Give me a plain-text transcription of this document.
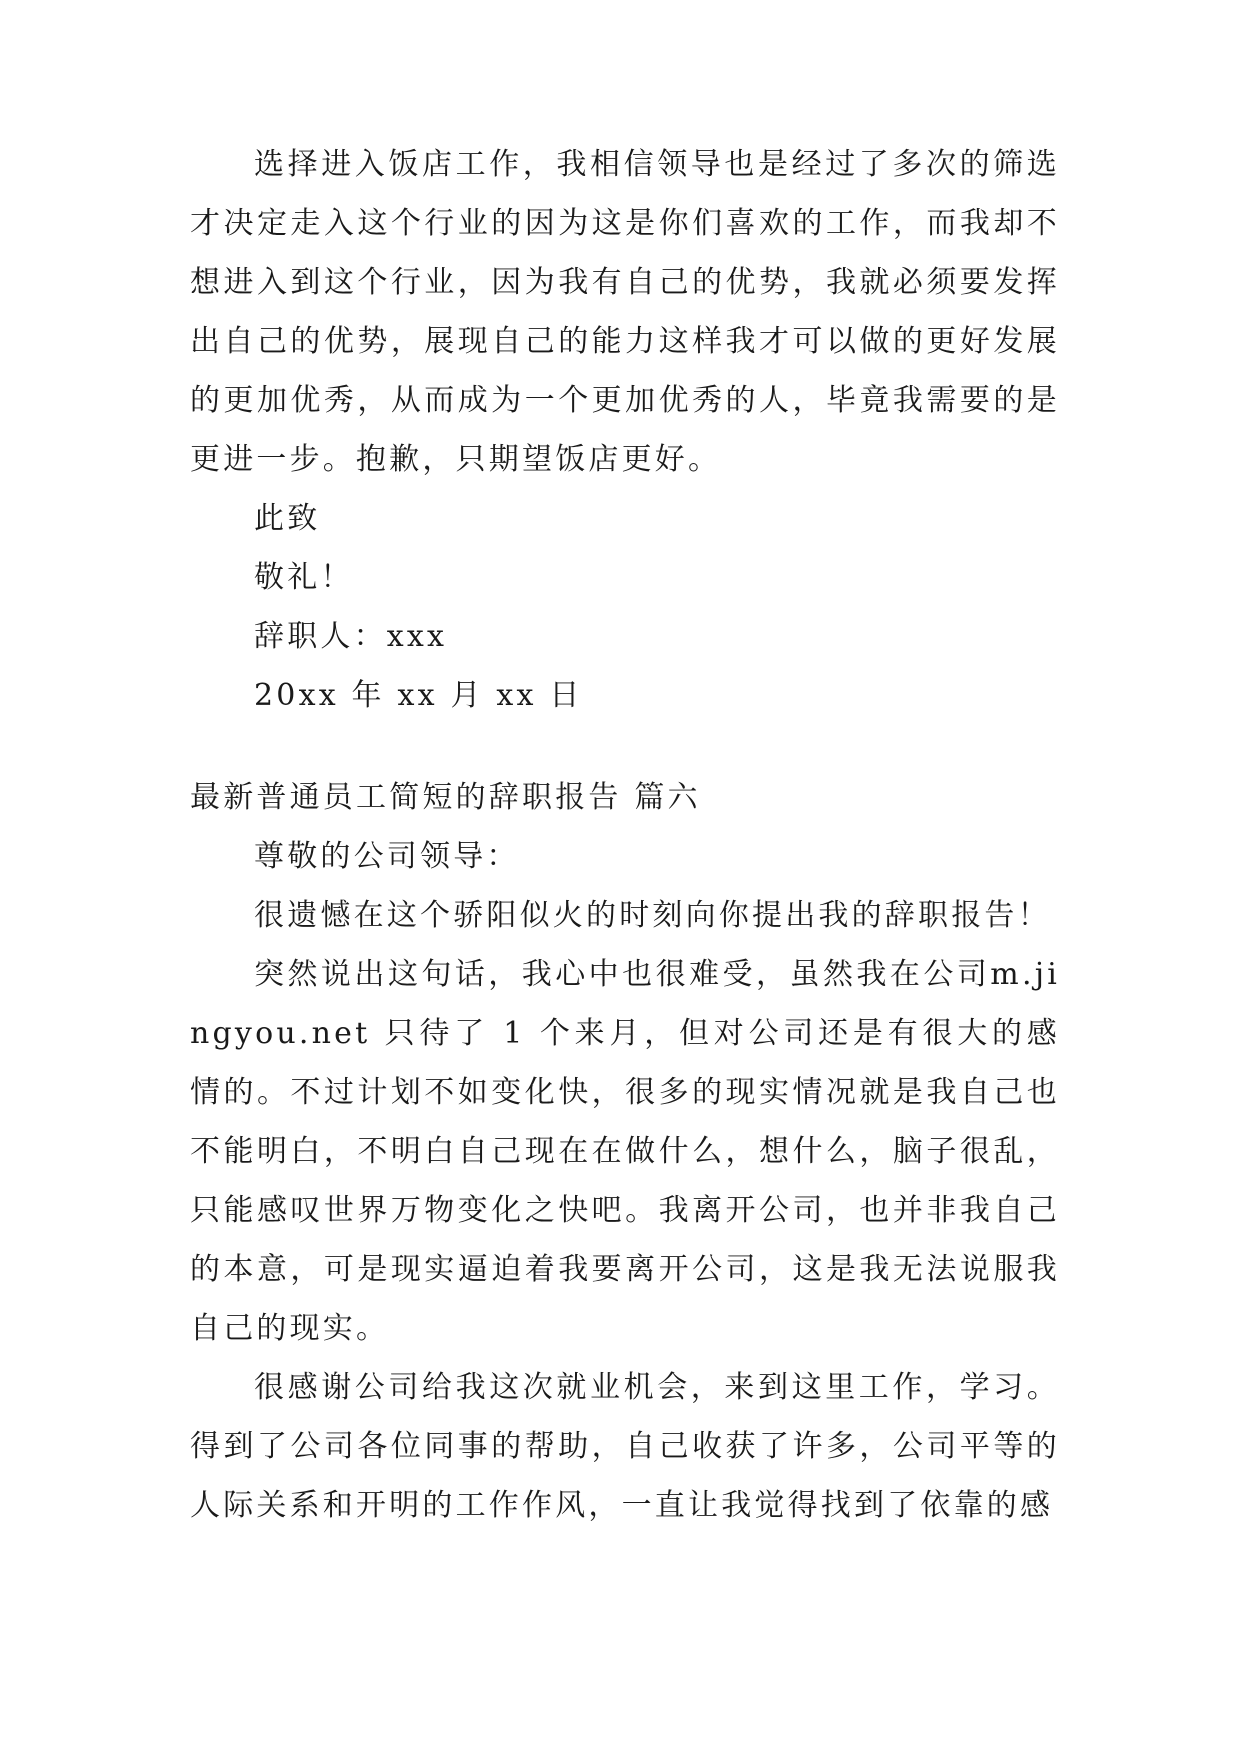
选择进入饭店工作，我相信领导也是经过了多次的筛选才决定走入这个行业的因为这是你们喜欢的工作，而我却不想进入到这个行业，因为我有自己的优势，我就必须要发挥出自己的优势，展现自己的能力这样我才可以做的更好发展的更加优秀，从而成为一个更加优秀的人，毕竟我需要的是更进一步。抱歉，只期望饭店更好。

此致

敬礼！

辞职人：xxx

20xx 年 xx 月 xx 日

最新普通员工简短的辞职报告 篇六

尊敬的公司领导：

很遗憾在这个骄阳似火的时刻向你提出我的辞职报告！

突然说出这句话，我心中也很难受，虽然我在公司m.jingyou.net 只待了 1 个来月，但对公司还是有很大的感情的。不过计划不如变化快，很多的现实情况就是我自己也不能明白，不明白自己现在在做什么，想什么，脑子很乱，只能感叹世界万物变化之快吧。我离开公司，也并非我自己的本意，可是现实逼迫着我要离开公司，这是我无法说服我自己的现实。

很感谢公司给我这次就业机会，来到这里工作，学习。得到了公司各位同事的帮助，自己收获了许多，公司平等的人际关系和开明的工作作风，一直让我觉得找到了依靠的感
